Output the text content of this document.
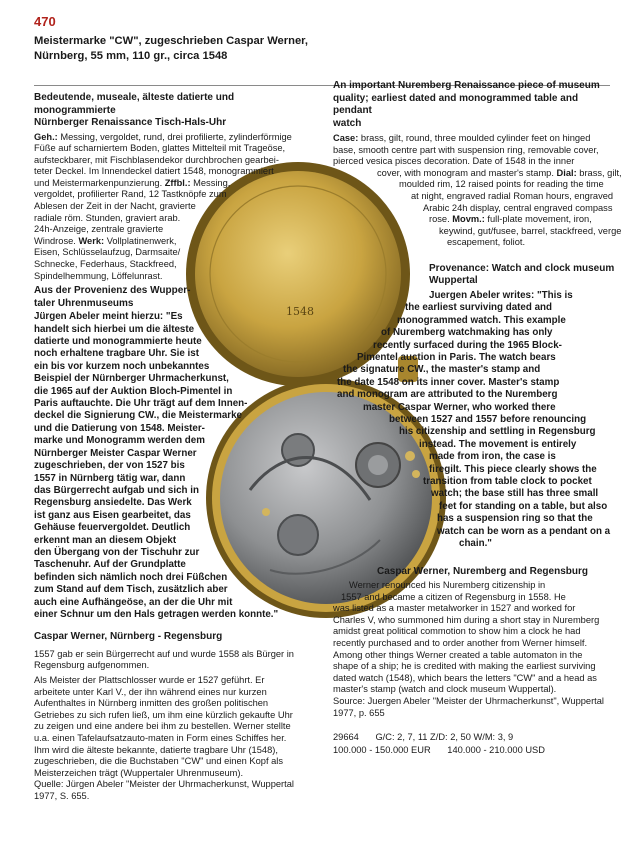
470
Meistermarke "CW", zugeschrieben Caspar Werner,
Nürnberg, 55 mm, 110 gr., circa 1548
1548
Bedeutende, museale, älteste datierte und monogrammierte
Nürnberger Renaissance Tisch-Hals-Uhr
Geh.: Messing, vergoldet, rund, drei profilierte, zylinderförmige
Füße auf scharniertem Boden, glattes Mittelteil mit Trageöse,
aufsteckbarer, mit Fischblasendekor durchbrochen gearbei-
teter Deckel. Im Innendeckel datiert 1548, monogrammiert
und Meistermarkenpunzierung. Zffbl.: Messing,
vergoldet, profilierter Rand, 12 Tastknöpfe zum
Ablesen der Zeit in der Nacht, gravierte
radiale röm. Stunden, graviert arab.
24h-Anzeige, zentrale gravierte
Windrose. Werk: Vollplatinenwerk,
Eisen, Schlüsselaufzug, Darmsaite/
Schnecke, Federhaus, Stackfreed,
Spindelhemmung, Löffelunrast.
Aus der Provenienz des Wupper-
taler Uhrenmuseums
Jürgen Abeler meint hierzu: "Es
handelt sich hierbei um die älteste
datierte und monogrammierte heute
noch erhaltene tragbare Uhr. Sie ist
ein bis vor kurzem noch unbekanntes
Beispiel der Nürnberger Uhrmacherkunst,
die 1965 auf der Auktion Bloch-Pimentel in
Paris auftauchte. Die Uhr trägt auf dem Innen-
deckel die Signierung CW., die Meistermarke
und die Datierung von 1548. Meister-
marke und Monogramm werden dem
Nürnberger Meister Caspar Werner
zugeschrieben, der von 1527 bis
1557 in Nürnberg tätig war, dann
das Bürgerrecht aufgab und sich in
Regensburg ansiedelte. Das Werk
ist ganz aus Eisen gearbeitet, das
Gehäuse feuervergoldet. Deutlich
erkennt man an diesem Objekt
den Übergang von der Tischuhr zur
Taschenuhr. Auf der Grundplatte
befinden sich nämlich noch drei Füßchen
zum Stand auf dem Tisch, zusätzlich aber
auch eine Aufhängeöse, an der die Uhr mit
einer Schnur um den Hals getragen werden konnte."
Caspar Werner, Nürnberg - Regensburg

1557 gab er sein Bürgerrecht auf und wurde 1558 als Bürger in Regensburg aufgenommen.

Als Meister der Plattschlosser wurde er 1527 geführt. Er arbeitete unter Karl V., der ihn während eines nur kurzen Aufenthaltes in Nürnberg inmitten des großen politischen Getriebes zu sich rufen ließ, um ihm eine kürzlich gekaufte Uhr zu zeigen und eine andere bei ihm zu bestellen. Werner stellte u.a. einen Tafelaufsatzauto-maten in Form eines Schiffes her. Ihm wird die älteste bekannte, datierte tragbare Uhr (1548), zugeschrieben, die die Buchstaben "CW" und einen Kopf als Meisterzeichen trägt (Wuppertaler Uhrenmuseum).

Quelle: Jürgen Abeler "Meister der Uhrmacherkunst, Wuppertal 1977, S. 655.

An important Nuremberg Renaissance piece of museum
quality; earliest dated and monogrammed table and pendant
watch
Case: brass, gilt, round, three moulded cylinder feet on hinged
base, smooth centre part with suspension ring, removable cover,
pierced vesica pisces decoration. Date of 1548 in the inner
cover, with monogram and master's stamp. Dial: brass, gilt,
moulded rim, 12 raised points for reading the time
at night, engraved radial Roman hours, engraved
Arabic 24h display, central engraved compass
rose. Movm.: full-plate movement, iron,
keywind, gut/fusee, barrel, stackfreed, verge
escapement, foliot.
Provenance: Watch and clock museum
Wuppertal
Juergen Abeler writes: "This is
the earliest surviving dated and
monogrammed watch. This example
of Nuremberg watchmaking has only
recently surfaced during the 1965 Block-
Pimentel auction in Paris. The watch bears
the signature CW., the master's stamp and
the date 1548 on its inner cover. Master's stamp
and monogram are attributed to the Nuremberg
master Caspar Werner, who worked there
between 1527 and 1557 before renouncing
his citizenship and settling in Regensburg
instead. The movement is entirely
made from iron, the case is
firegilt. This piece clearly shows the
transition from table clock to pocket
watch; the base still has three small
feet for standing on a table, but also
has a suspension ring so that the
watch can be worn as a pendant on a
chain."
Caspar Werner, Nuremberg and Regensburg
Werner renounced his Nuremberg citizenship in
1557 and became a citizen of Regensburg in 1558. He
was listed as a master metalworker in 1527 and worked for
Charles V, who summoned him during a short stay in Nuremberg
amidst great political commotion to show him a clock he had
recently purchased and to order another from Werner himself.
Among other things Werner created a table automaton in the
shape of a ship; he is credited with making the earliest surviving
dated watch (1548), which bears the letters "CW" and a head as
master's stamp (watch and clock museum Wuppertal).
Source: Juergen Abeler "Meister der Uhrmacherkunst", Wuppertal
1977, p. 655
29664 G/C: 2, 7, 11 Z/D: 2, 50 W/M: 3, 9
100.000 - 150.000 EUR 140.000 - 210.000 USD
